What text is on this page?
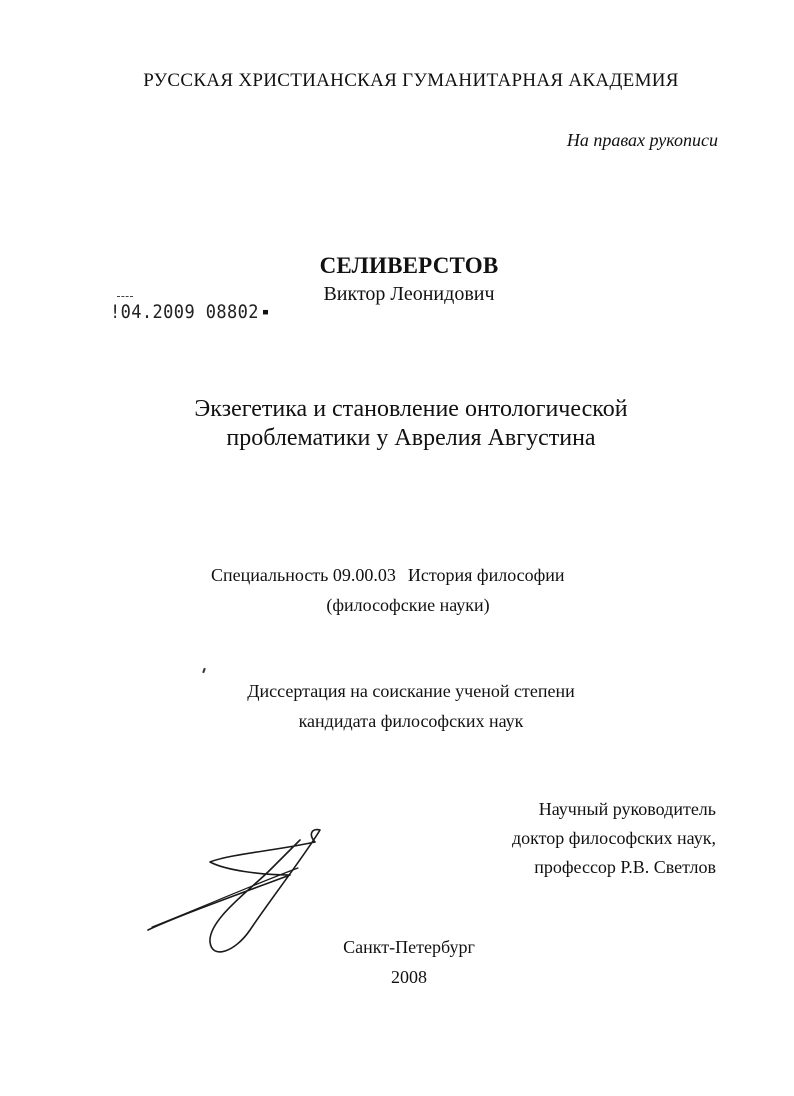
РУССКАЯ ХРИСТИАНСКАЯ ГУМАНИТАРНАЯ АКАДЕМИЯ
На правах рукописи
СЕЛИВЕРСТОВ
Виктор Леонидович
!04.2009 08802
Экзегетика и становление онтологической
проблематики у Аврелия Августина
Специальность 09.00.03 История философии
(философские науки)
Диссертация на соискание ученой степени
кандидата философских наук
Научный руководитель
доктор философских наук,
профессор Р.В. Светлов
Санкт-Петербург
2008
